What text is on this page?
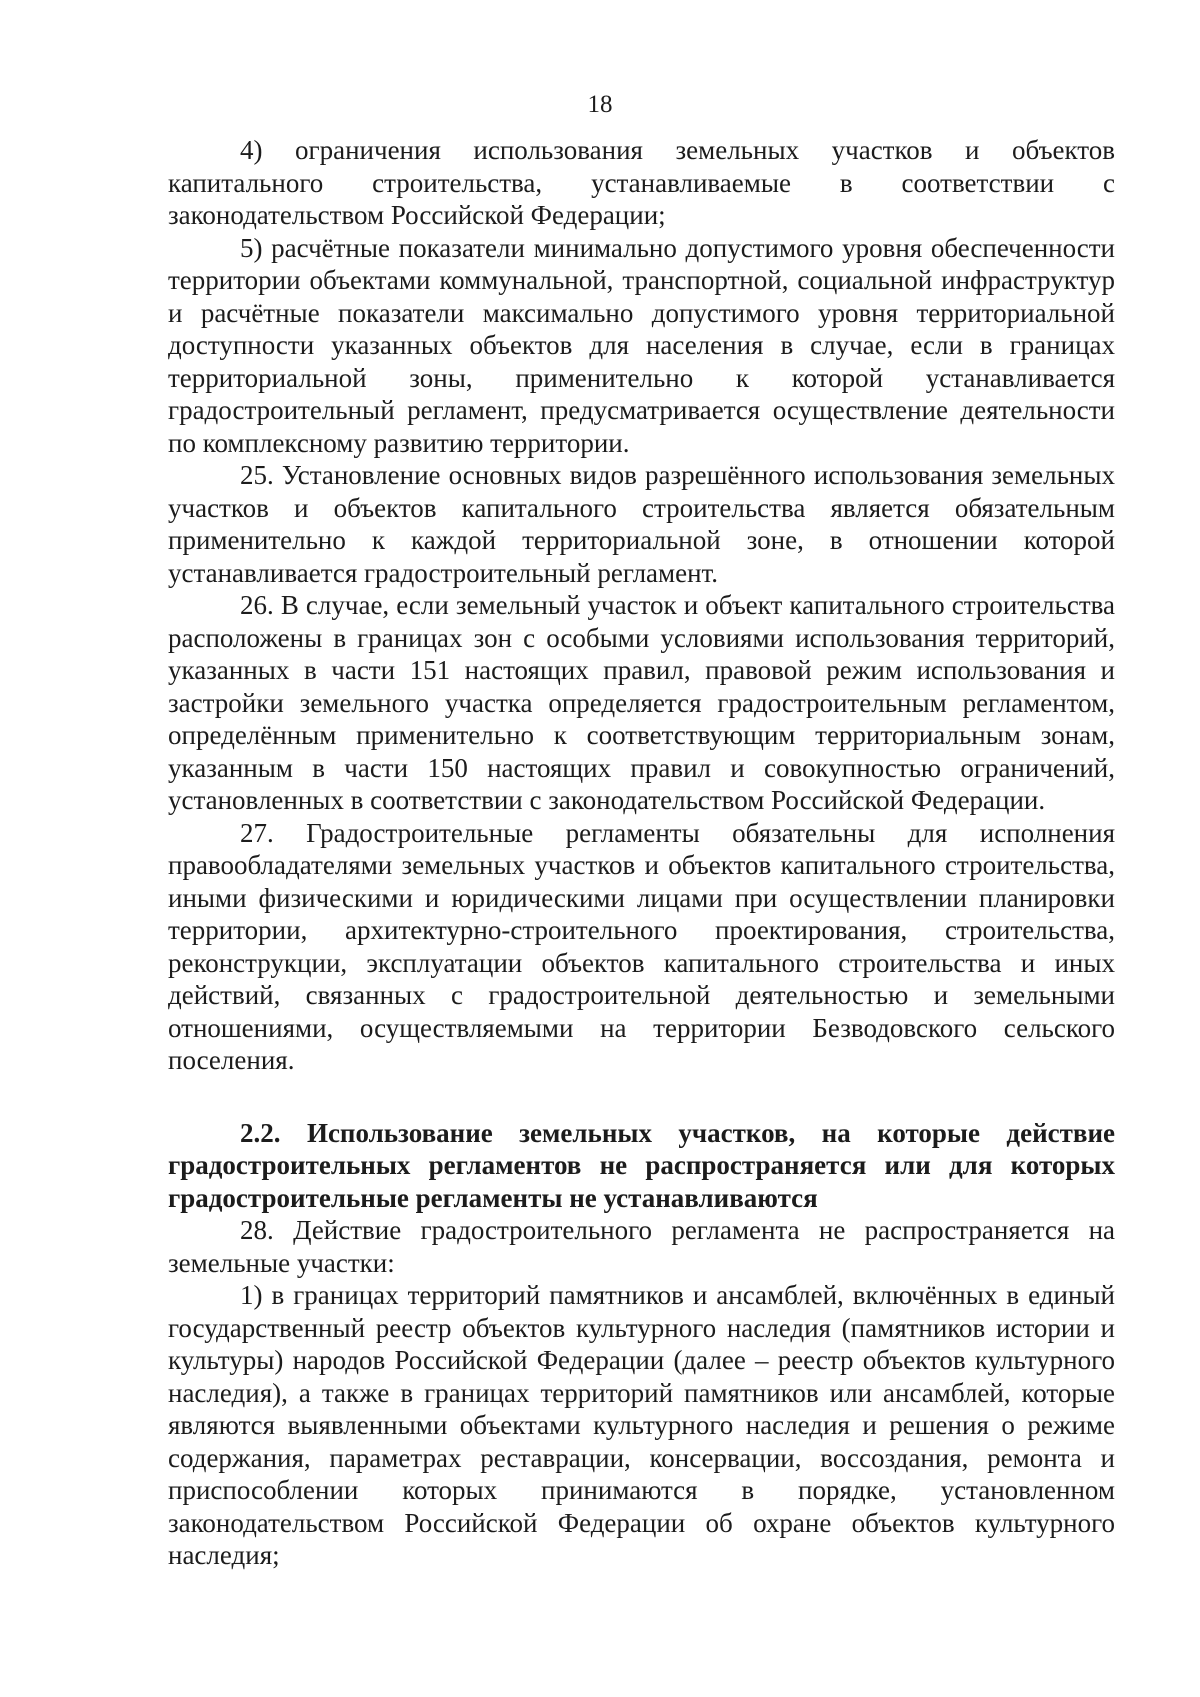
18

4) ограничения использования земельных участков и объектов капитального строительства, устанавливаемые в соответствии с законодательством Российской Федерации;

5) расчётные показатели минимально допустимого уровня обеспеченности территории объектами коммунальной, транспортной, социальной инфраструктур и расчётные показатели максимально допустимого уровня территориальной доступности указанных объектов для населения в случае, если в границах территориальной зоны, применительно к которой устанавливается градостроительный регламент, предусматривается осуществление деятельности по комплексному развитию территории.

25. Установление основных видов разрешённого использования земельных участков и объектов капитального строительства является обязательным применительно к каждой территориальной зоне, в отношении которой устанавливается градостроительный регламент.

26. В случае, если земельный участок и объект капитального строительства расположены в границах зон с особыми условиями использования территорий, указанных в части 151 настоящих правил, правовой режим использования и застройки земельного участка определяется градостроительным регламентом, определённым применительно к соответствующим территориальным зонам, указанным в части 150 настоящих правил и совокупностью ограничений, установленных в соответствии с законодательством Российской Федерации.

27. Градостроительные регламенты обязательны для исполнения правообладателями земельных участков и объектов капитального строительства, иными физическими и юридическими лицами при осуществлении планировки территории, архитектурно-строительного проектирования, строительства, реконструкции, эксплуатации объектов капитального строительства и иных действий, связанных с градостроительной деятельностью и земельными отношениями, осуществляемыми на территории Безводовского сельского поселения.

2.2. Использование земельных участков, на которые действие градостроительных регламентов не распространяется или для которых градостроительные регламенты не устанавливаются

28. Действие градостроительного регламента не распространяется на земельные участки:

1) в границах территорий памятников и ансамблей, включённых в единый государственный реестр объектов культурного наследия (памятников истории и культуры) народов Российской Федерации (далее – реестр объектов культурного наследия), а также в границах территорий памятников или ансамблей, которые являются выявленными объектами культурного наследия и решения о режиме содержания, параметрах реставрации, консервации, воссоздания, ремонта и приспособлении которых принимаются в порядке, установленном законодательством Российской Федерации об охране объектов культурного наследия;
